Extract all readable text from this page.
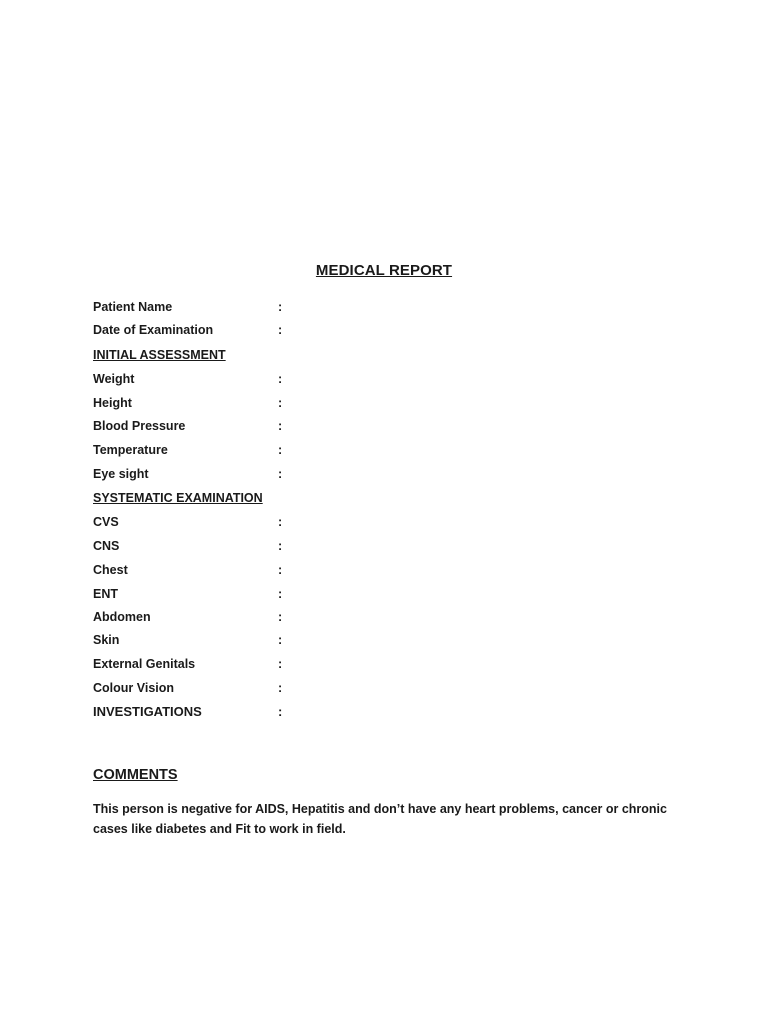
MEDICAL REPORT
Patient Name	:
Date of Examination	:
INITIAL ASSESSMENT
Weight	:
Height	:
Blood Pressure	:
Temperature	:
Eye sight	:
SYSTEMATIC EXAMINATION
CVS	:
CNS	:
Chest	:
ENT	:
Abdomen	:
Skin	:
External Genitals	:
Colour Vision	:
INVESTIGATIONS	:
COMMENTS
This person is negative for AIDS, Hepatitis and don’t have any heart problems, cancer or chronic cases like diabetes and Fit to work in field.
